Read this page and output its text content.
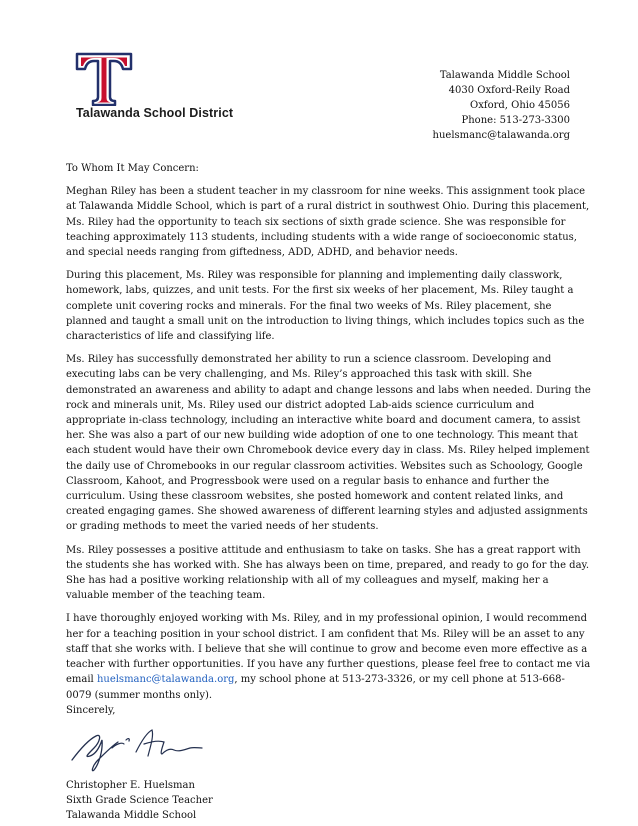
Talawanda School District
Talawanda Middle School
4030 Oxford-Reily Road
Oxford, Ohio 45056
Phone: 513-273-3300
huelsmanc@talawanda.org

To Whom It May Concern:

Meghan Riley has been a student teacher in my classroom for nine weeks. This assignment took place
at Talawanda Middle School, which is part of a rural district in southwest Ohio. During this placement,
Ms. Riley had the opportunity to teach six sections of sixth grade science. She was responsible for
teaching approximately 113 students, including students with a wide range of socioeconomic status,
and special needs ranging from giftedness, ADD, ADHD, and behavior needs.

During this placement, Ms. Riley was responsible for planning and implementing daily classwork,
homework, labs, quizzes, and unit tests. For the first six weeks of her placement, Ms. Riley taught a
complete unit covering rocks and minerals. For the final two weeks of Ms. Riley placement, she
planned and taught a small unit on the introduction to living things, which includes topics such as the
characteristics of life and classifying life.

Ms. Riley has successfully demonstrated her ability to run a science classroom. Developing and
executing labs can be very challenging, and Ms. Riley’s approached this task with skill. She
demonstrated an awareness and ability to adapt and change lessons and labs when needed. During the
rock and minerals unit, Ms. Riley used our district adopted Lab-aids science curriculum and
appropriate in-class technology, including an interactive white board and document camera, to assist
her. She was also a part of our new building wide adoption of one to one technology. This meant that
each student would have their own Chromebook device every day in class. Ms. Riley helped implement
the daily use of Chromebooks in our regular classroom activities. Websites such as Schoology, Google
Classroom, Kahoot, and Progressbook were used on a regular basis to enhance and further the
curriculum. Using these classroom websites, she posted homework and content related links, and
created engaging games. She showed awareness of different learning styles and adjusted assignments
or grading methods to meet the varied needs of her students.

Ms. Riley possesses a positive attitude and enthusiasm to take on tasks. She has a great rapport with
the students she has worked with. She has always been on time, prepared, and ready to go for the day.
She has had a positive working relationship with all of my colleagues and myself, making her a
valuable member of the teaching team.

I have thoroughly enjoyed working with Ms. Riley, and in my professional opinion, I would recommend
her for a teaching position in your school district. I am confident that Ms. Riley will be an asset to any
staff that she works with. I believe that she will continue to grow and become even more effective as a
teacher with further opportunities. If you have any further questions, please feel free to contact me via
email huelsmanc@talawanda.org, my school phone at 513-273-3326, or my cell phone at 513-668-
0079 (summer months only).

Sincerely,

Christopher E. Huelsman
Sixth Grade Science Teacher
Talawanda Middle School
